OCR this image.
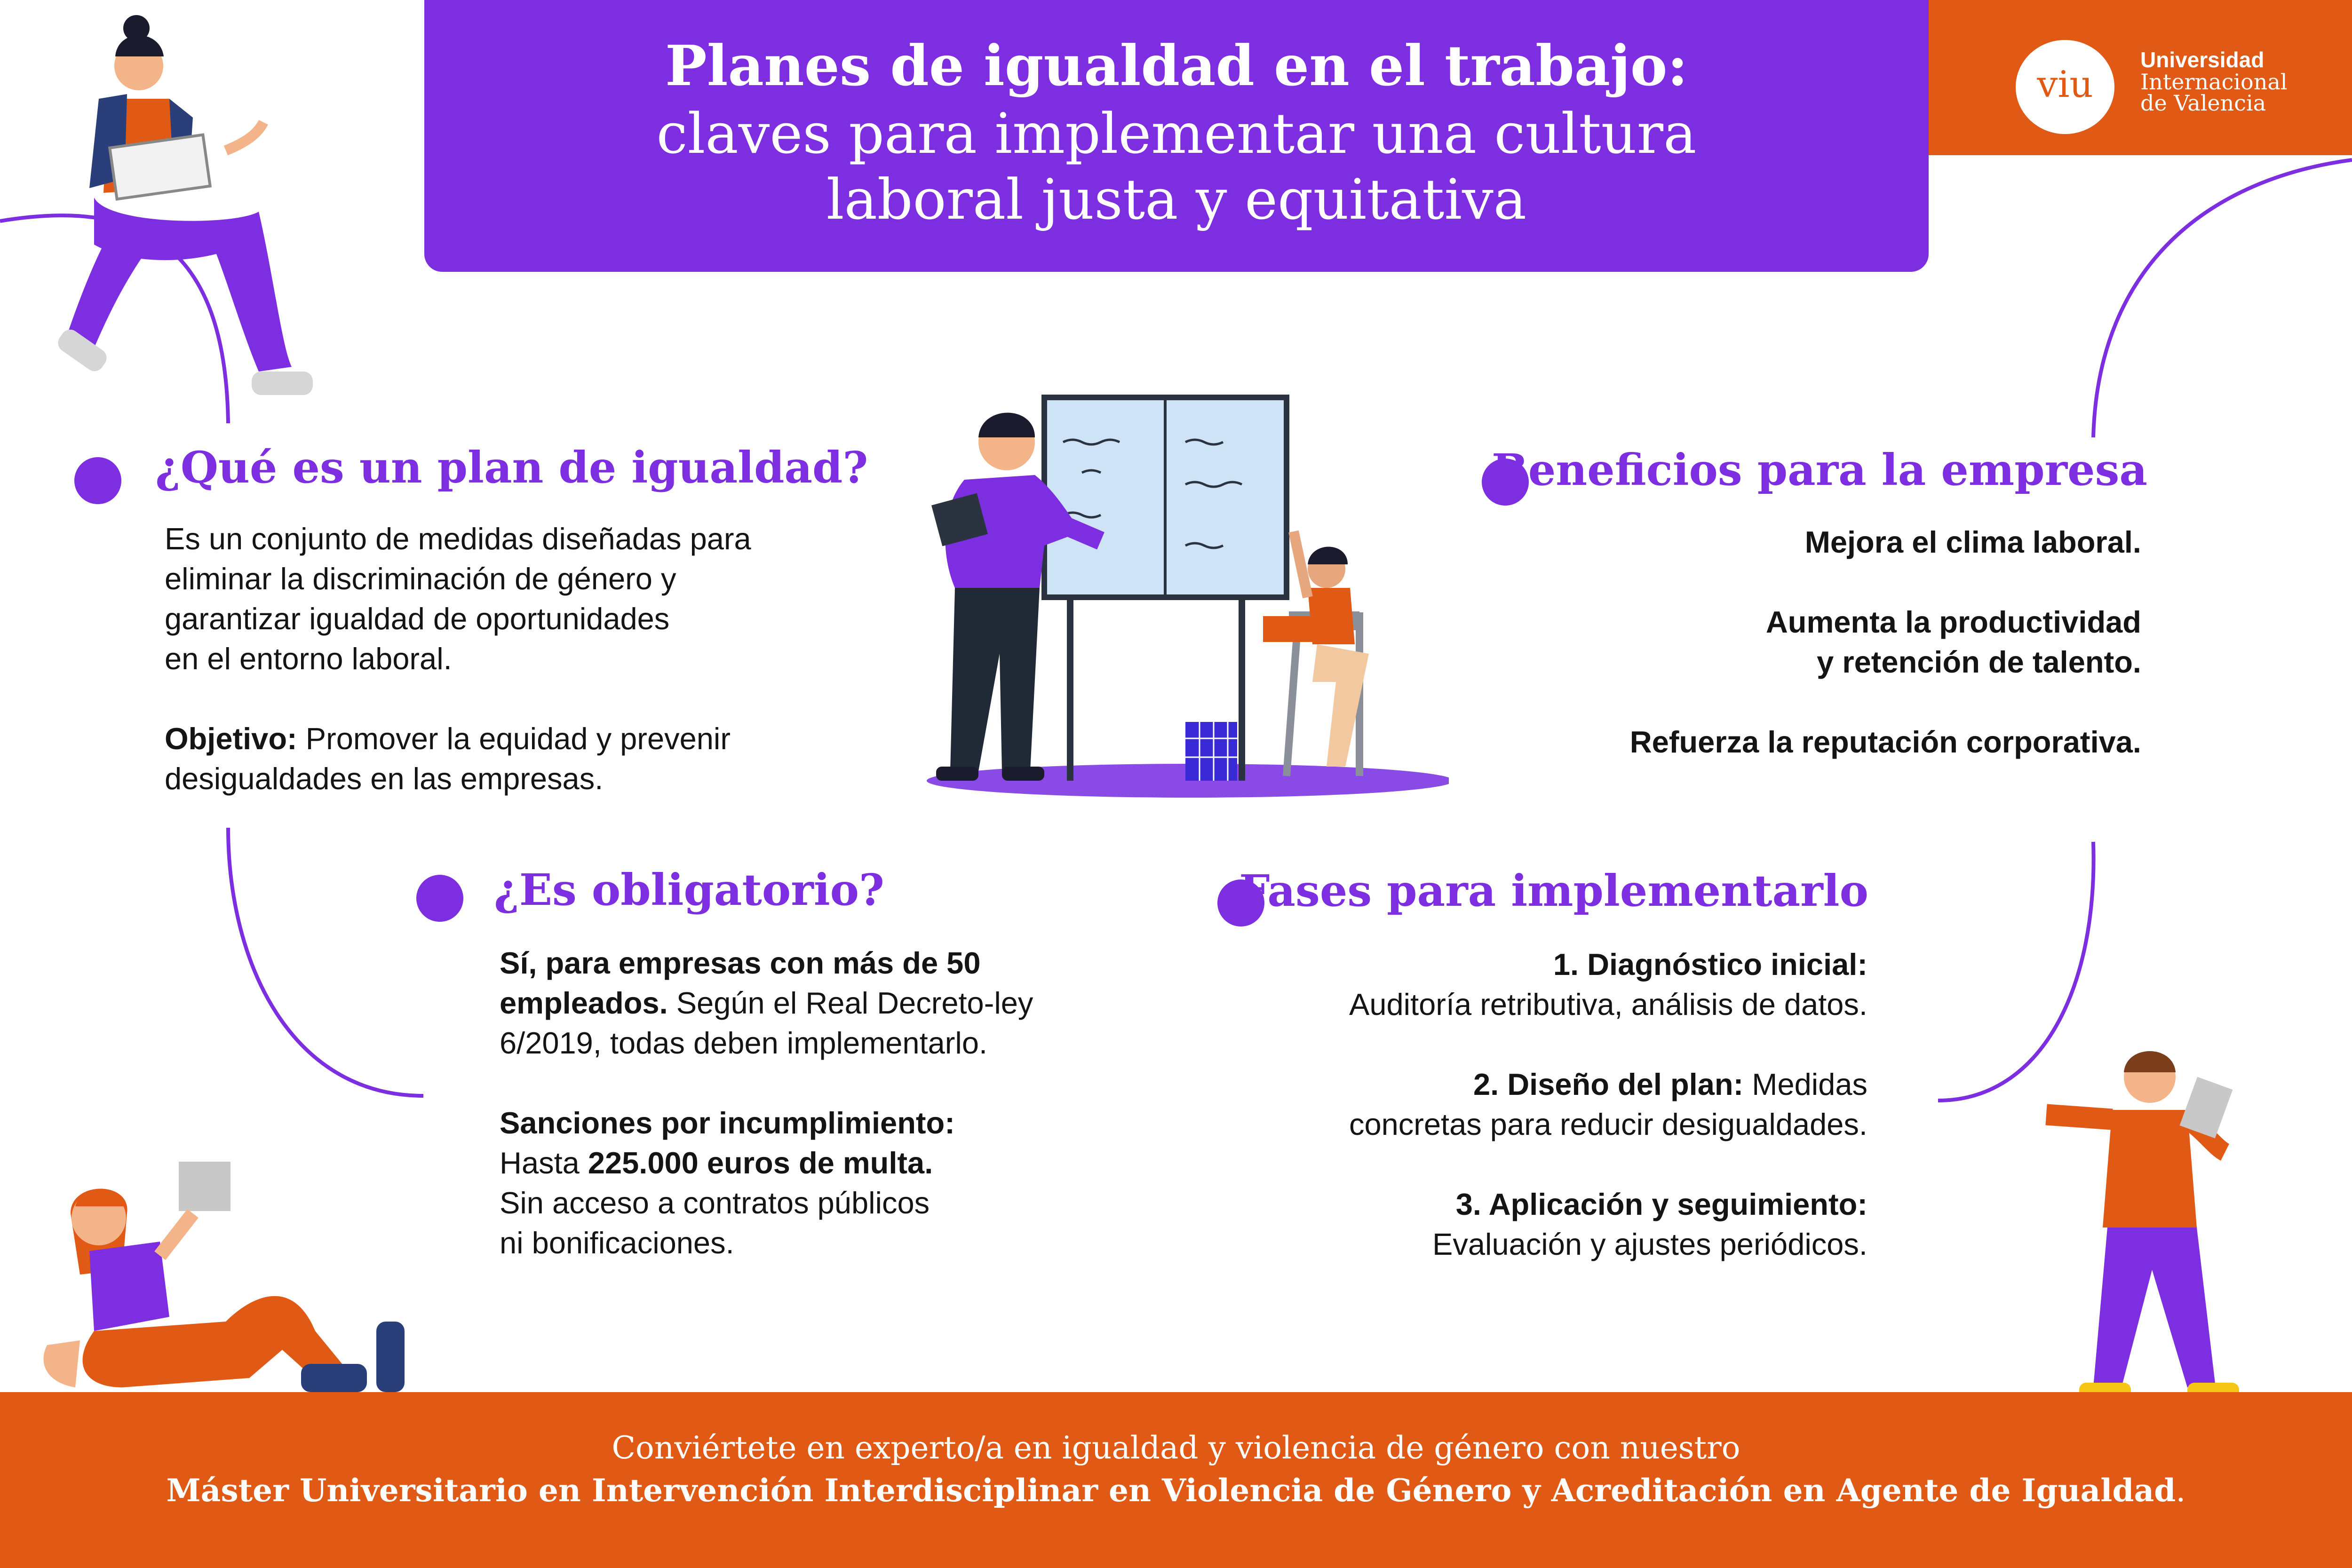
Planes de igualdad en el trabajo:
claves para implementar una cultura
laboral justa y equitativa
viu
Universidad
Internacional
de Valencia
¿Qué es un plan de igualdad?
Es un conjunto de medidas diseñadas para
eliminar la discriminación de género y
garantizar igualdad de oportunidades
en el entorno laboral.
Objetivo: Promover la equidad y prevenir
desigualdades en las empresas.
Beneficios para la empresa
Mejora el clima laboral.
Aumenta la productividad
y retención de talento.
Refuerza la reputación corporativa.
¿Es obligatorio?
Sí, para empresas con más de 50
empleados. Según el Real Decreto-ley
6/2019, todas deben implementarlo.
Sanciones por incumplimiento:
Hasta 225.000 euros de multa.
Sin acceso a contratos públicos
ni bonificaciones.
Fases para implementarlo
1. Diagnóstico inicial:
Auditoría retributiva, análisis de datos.
2. Diseño del plan: Medidas
concretas para reducir desigualdades.
3. Aplicación y seguimiento:
Evaluación y ajustes periódicos.
Conviértete en experto/a en igualdad y violencia de género con nuestro
Máster Universitario en Intervención Interdisciplinar en Violencia de Género y Acreditación en Agente de Igualdad.
